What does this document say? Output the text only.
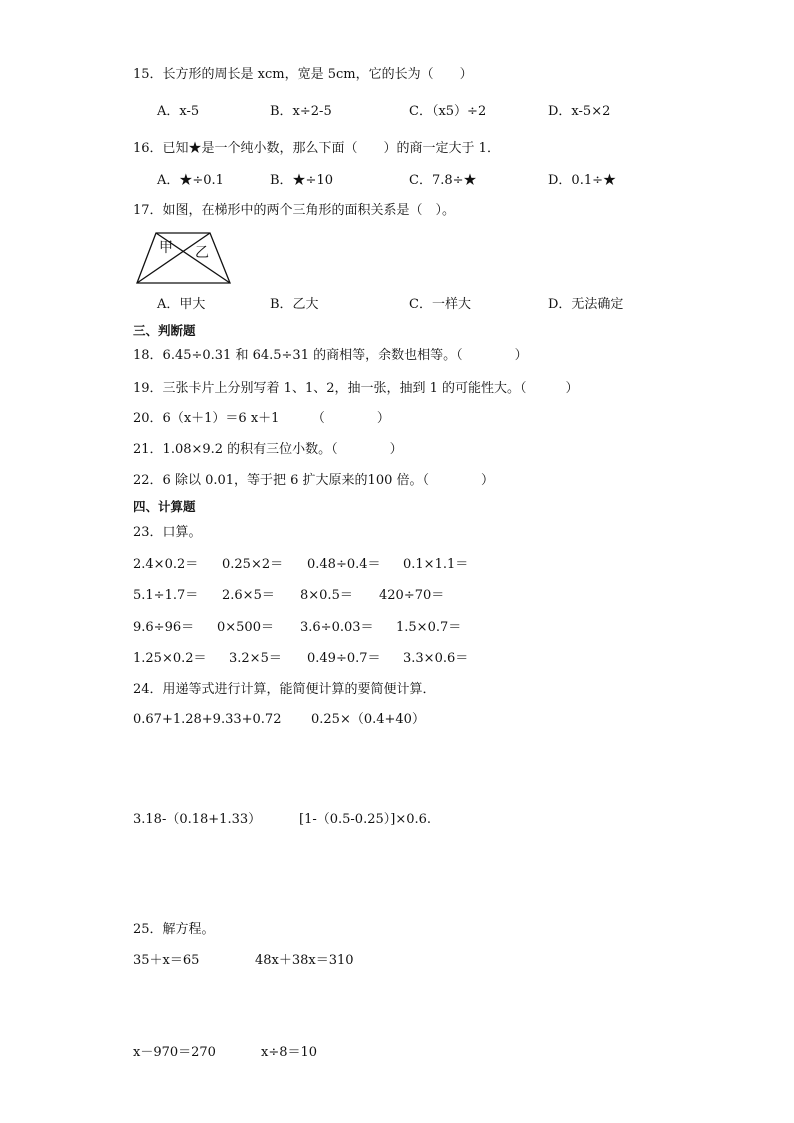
15．长方形的周长是 xcm，宽是 5cm，它的长为（　　）
A．x-5	B．x÷2-5	C．（x5）÷2	D．x-5×2
16．已知★是一个纯小数，那么下面（　　）的商一定大于 1．
A．★÷0.1	B．★÷10	C．7.8÷★	D．0.1÷★
17．如图，在梯形中的两个三角形的面积关系是（　）。
甲 乙
A．甲大	B．乙大	C．一样大	D．无法确定
三、判断题
18．6.45÷0.31 和 64.5÷31 的商相等，余数也相等。（　　　　）
19．三张卡片上分别写着 1、1、2，抽一张，抽到 1 的可能性大。（　　　）
20．6（x＋1）＝6 x＋1　　　（　　　　）
21．1.08×9.2 的积有三位小数。（　　　　）
22．6 除以 0.01，等于把 6 扩大原来的100 倍。（　　　　）
四、计算题
23．口算。
2.4×0.2＝ 0.25×2＝ 0.48÷0.4＝ 0.1×1.1＝
5.1÷1.7＝ 2.6×5＝ 8×0.5＝ 420÷70＝
9.6÷96＝ 0×500＝ 3.6÷0.03＝ 1.5×0.7＝
1.25×0.2＝ 3.2×5＝ 0.49÷0.7＝ 3.3×0.6＝
24．用递等式进行计算，能简便计算的要简便计算．
0.67+1.28+9.33+0.72 0.25×（0.4+40）
3.18-（0.18+1.33）	[1-（0.5-0.25）]×0.6.
25．解方程。
35＋x＝65	48x＋38x＝310
x－970＝270	x÷8＝10
